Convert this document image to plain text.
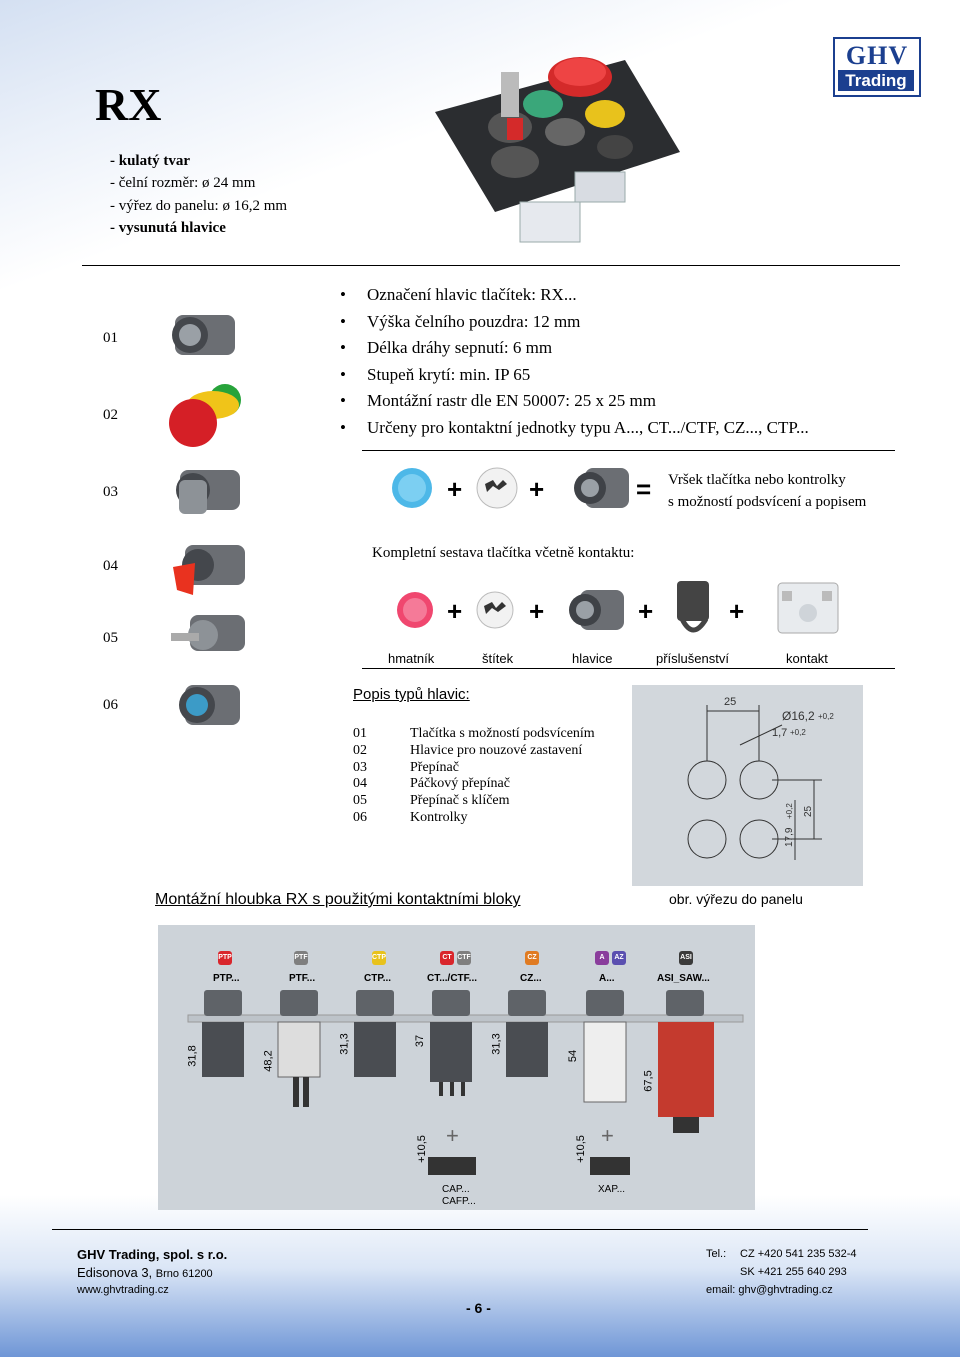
RX
- kulatý tvar
- čelní rozměr: ø 24 mm
- výřez do panelu: ø 16,2 mm
- vysunutá hlavice
GHV
Trading
01
02
03
04
05
06
• Označení hlavic tlačítek: RX...
• Výška čelního pouzdra: 12 mm
• Délka dráhy sepnutí: 6 mm
• Stupeň krytí: min. IP 65
• Montážní rastr dle EN 50007: 25 x 25 mm
• Určeny pro kontaktní jednotky typu A..., CT.../CTF, CZ..., CTP...
+	+	= Vršek tlačítka nebo kontrolky
s možností podsvícení a popisem
Kompletní sestava tlačítka včetně kontaktu:
+	+	+	+
hmatník	štítek	hlavice	příslušenství	kontakt
Popis typů hlavic:
01	Tlačítka s možností podsvícením
02	Hlavice pro nouzové zastavení
03	Přepínač
04	Páčkový přepínač
05	Přepínač s klíčem
06	Kontrolky
25
Ø16,2 +0,2
1,7 +0,2
17,9
+0,2 25
obr. výřezu do panelu
Montážní hloubka RX s použitými kontaktními bloky
PTP	PTF	CTP	CT CTF	CZ	A	AZ	ASI
PTP...	PTF...	CTP...	CT.../CTF...	CZ...	A...	ASI_SAW...
31,8	48,2
31,3	37	31,3
54
67,5
+10,5	+10,5
+	+
CAP...
CAFP...
XAP...
GHV Trading, spol. s r.o.
Edisonova 3, Brno 61200
www.ghvtrading.cz
Tel.: CZ +420 541 235 532-4
SK +421 255 640 293
email: ghv@ghvtrading.cz
- 6 -
